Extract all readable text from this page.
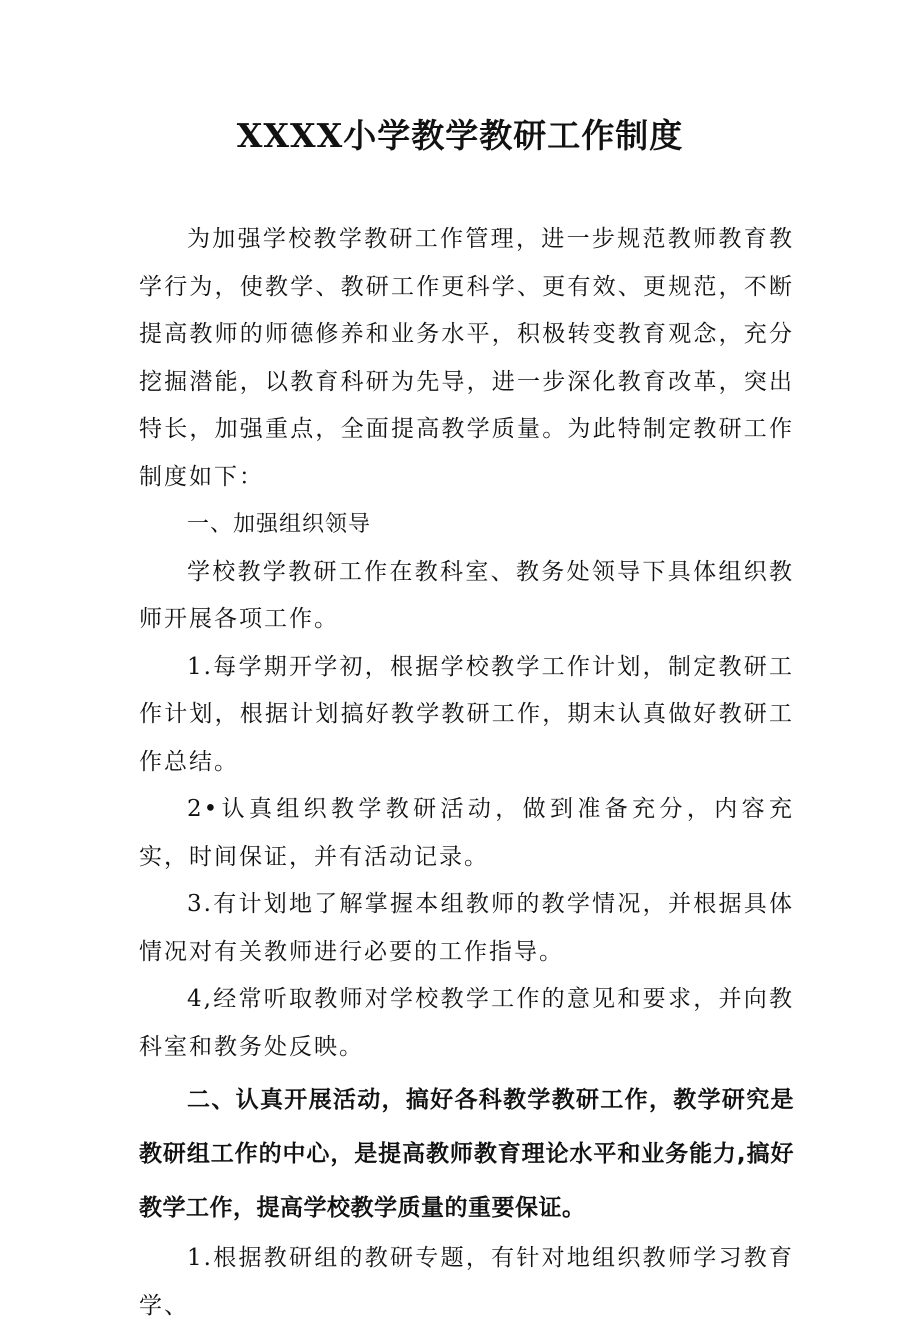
XXXX小学教学教研工作制度

为加强学校教学教研工作管理，进一步规范教师教育教学行为，使教学、教研工作更科学、更有效、更规范，不断提高教师的师德修养和业务水平，积极转变教育观念，充分挖掘潜能，以教育科研为先导，进一步深化教育改革，突出特长，加强重点，全面提高教学质量。为此特制定教研工作制度如下：

一、加强组织领导

学校教学教研工作在教科室、教务处领导下具体组织教师开展各项工作。

1.每学期开学初，根据学校教学工作计划，制定教研工作计划，根据计划搞好教学教研工作，期末认真做好教研工作总结。

2•认真组织教学教研活动，做到准备充分，内容充实，时间保证，并有活动记录。

3.有计划地了解掌握本组教师的教学情况，并根据具体情况对有关教师进行必要的工作指导。

4,经常听取教师对学校教学工作的意见和要求，并向教科室和教务处反映。

二、认真开展活动，搞好各科教学教研工作，教学研究是教研组工作的中心，是提高教师教育理论水平和业务能力,搞好教学工作，提高学校教学质量的重要保证。

1.根据教研组的教研专题，有针对地组织教师学习教育学、
